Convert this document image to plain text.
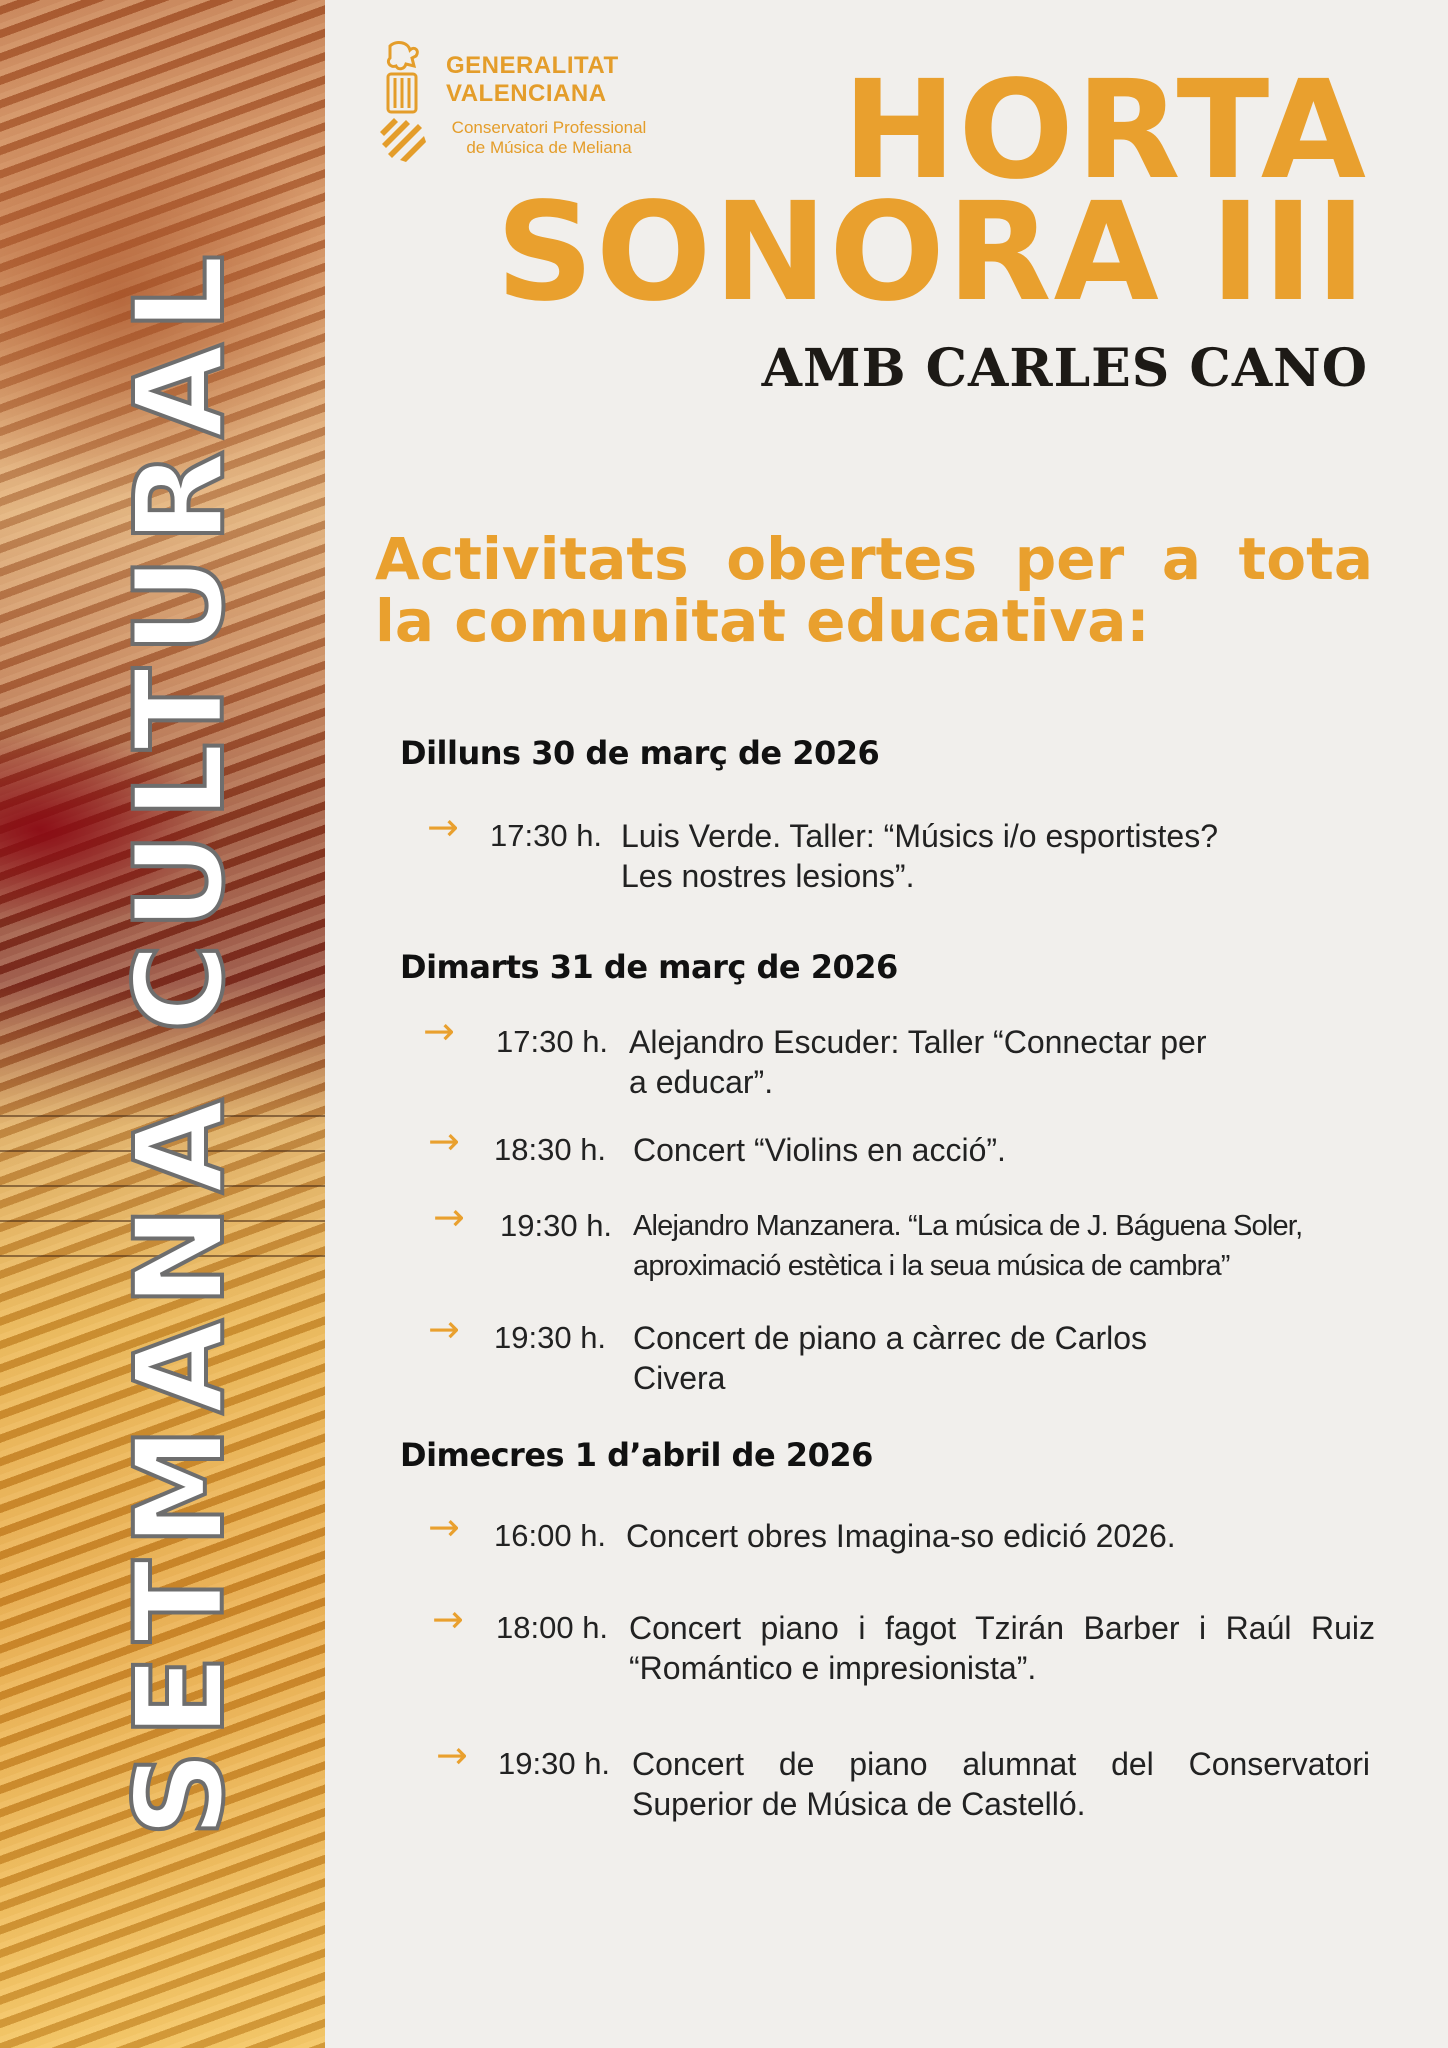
SETMANA CULTURAL
GENERALITAT
VALENCIANA
Conservatori Professional
de Música de Meliana	HORTA
SONORA III
AMB CARLES CANO
Activitats obertes per a tota la comunitat educativa:
Dilluns 30 de març de 2026
→ 17:30 h. Luis Verde. Taller: “Músics i/o esportistes?
Les nostres lesions”.
Dimarts 31 de març de 2026
→ 17:30 h. Alejandro Escuder: Taller “Connectar per
a educar”.
→ 18:30 h. Concert “Violins en acció”.
→ 19:30 h. Alejandro Manzanera. “La música de J. Báguena Soler,
aproximació estètica i la seua música de cambra”
→ 19:30 h. Concert de piano a càrrec de Carlos
Civera
Dimecres 1 d’abril de 2026
→ 16:00 h. Concert obres Imagina-so edició 2026.
→ 18:00 h. Concert piano i fagot Tzirán Barber i Raúl Ruiz
“Romántico e impresionista”.
→ 19:30 h. Concert de piano alumnat del Conservatori
Superior de Música de Castelló.
